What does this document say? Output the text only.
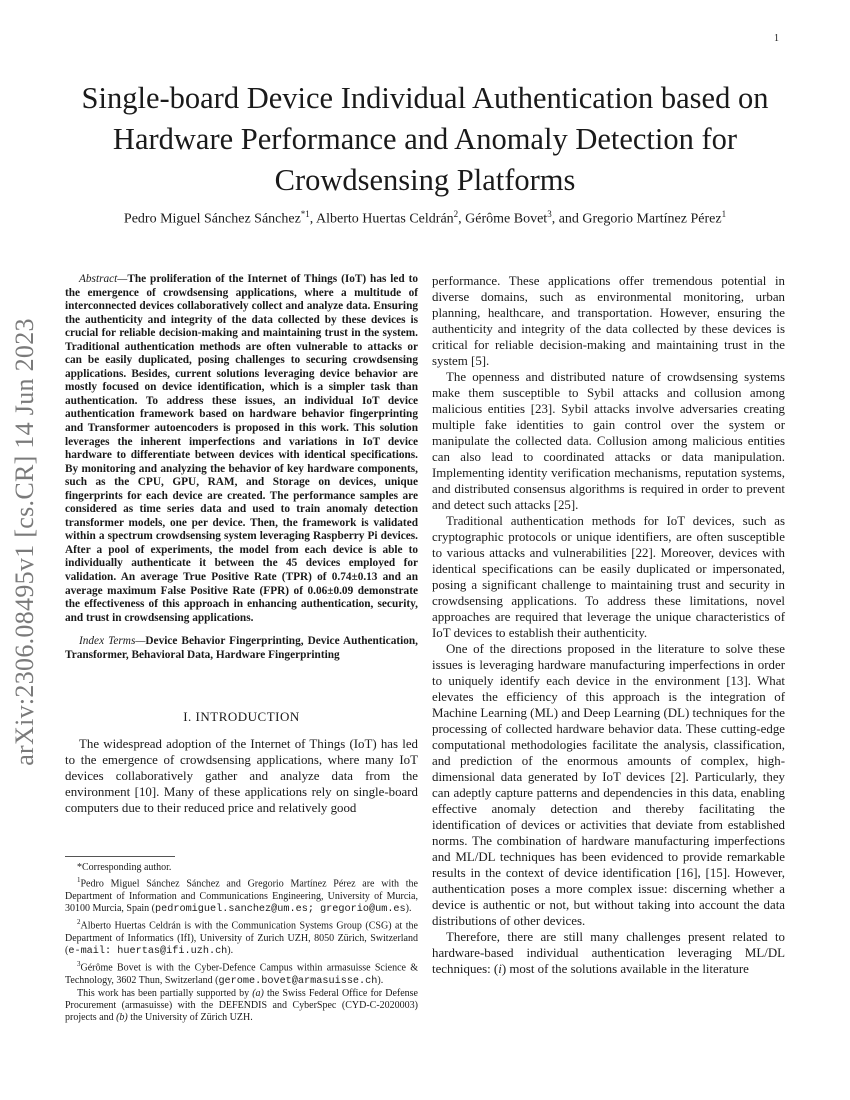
1
arXiv:2306.08495v1 [cs.CR] 14 Jun 2023
Single-board Device Individual Authentication based on Hardware Performance and Anomaly Detection for Crowdsensing Platforms

Pedro Miguel Sánchez Sánchez$^{*1}$, Alberto Huertas Celdrán$^2$, Gérôme Bovet$^3$, and Gregorio Martínez Pérez$^1$

Abstract—The proliferation of the Internet of Things (IoT) has led to the emergence of crowdsensing applications, where a multitude of interconnected devices collaboratively collect and analyze data. Ensuring the authenticity and integrity of the data collected by these devices is crucial for reliable decision-making and maintaining trust in the system. Traditional authentication methods are often vulnerable to attacks or can be easily duplicated, posing challenges to securing crowdsensing applications. Besides, current solutions leveraging device behavior are mostly focused on device identification, which is a simpler task than authentication. To address these issues, an individual IoT device authentication framework based on hardware behavior fingerprinting and Transformer autoencoders is proposed in this work. This solution leverages the inherent imperfections and variations in IoT device hardware to differentiate between devices with identical specifications. By monitoring and analyzing the behavior of key hardware components, such as the CPU, GPU, RAM, and Storage on devices, unique fingerprints for each device are created. The performance samples are considered as time series data and used to train anomaly detection transformer models, one per device. Then, the framework is validated within a spectrum crowdsensing system leveraging Raspberry Pi devices. After a pool of experiments, the model from each device is able to individually authenticate it between the 45 devices employed for validation. An average True Positive Rate (TPR) of 0.74±0.13 and an average maximum False Positive Rate (FPR) of 0.06±0.09 demonstrate the effectiveness of this approach in enhancing authentication, security, and trust in crowdsensing applications.

Index Terms—Device Behavior Fingerprinting, Device Authentication, Transformer, Behavioral Data, Hardware Fingerprinting

I. INTRODUCTION

The widespread adoption of the Internet of Things (IoT) has led to the emergence of crowdsensing applications, where many IoT devices collaboratively gather and analyze data from the environment [10]. Many of these applications rely on single-board computers due to their reduced price and relatively good

*Corresponding author.

$^1$Pedro Miguel Sánchez Sánchez and Gregorio Martínez Pérez are with the Department of Information and Communications Engineering, University of Murcia, 30100 Murcia, Spain (pedromiguel.sanchez@um.es; gregorio@um.es).

$^2$Alberto Huertas Celdrán is with the Communication Systems Group (CSG) at the Department of Informatics (IfI), University of Zurich UZH, 8050 Zürich, Switzerland (e-mail: huertas@ifi.uzh.ch).

$^3$Gérôme Bovet is with the Cyber-Defence Campus within armasuisse Science & Technology, 3602 Thun, Switzerland (gerome.bovet@armasuisse.ch).

This work has been partially supported by (a) the Swiss Federal Office for Defense Procurement (armasuisse) with the DEFENDIS and CyberSpec (CYD-C-2020003) projects and (b) the University of Zürich UZH.

performance. These applications offer tremendous potential in diverse domains, such as environmental monitoring, urban planning, healthcare, and transportation. However, ensuring the authenticity and integrity of the data collected by these devices is critical for reliable decision-making and maintaining trust in the system [5].

The openness and distributed nature of crowdsensing systems make them susceptible to Sybil attacks and collusion among malicious entities [23]. Sybil attacks involve adversaries creating multiple fake identities to gain control over the system or manipulate the collected data. Collusion among malicious entities can also lead to coordinated attacks or data manipulation. Implementing identity verification mechanisms, reputation systems, and distributed consensus algorithms is required in order to prevent and detect such attacks [25].

Traditional authentication methods for IoT devices, such as cryptographic protocols or unique identifiers, are often susceptible to various attacks and vulnerabilities [22]. Moreover, devices with identical specifications can be easily duplicated or impersonated, posing a significant challenge to maintaining trust and security in crowdsensing applications. To address these limitations, novel approaches are required that leverage the unique characteristics of IoT devices to establish their authenticity.

One of the directions proposed in the literature to solve these issues is leveraging hardware manufacturing imperfections in order to uniquely identify each device in the environment [13]. What elevates the efficiency of this approach is the integration of Machine Learning (ML) and Deep Learning (DL) techniques for the processing of collected hardware behavior data. These cutting-edge computational methodologies facilitate the analysis, classification, and prediction of the enormous amounts of complex, high-dimensional data generated by IoT devices [2]. Particularly, they can adeptly capture patterns and dependencies in this data, enabling effective anomaly detection and thereby facilitating the identification of devices or activities that deviate from established norms. The combination of hardware manufacturing imperfections and ML/DL techniques has been evidenced to provide remarkable results in the context of device identification [16], [15]. However, authentication poses a more complex issue: discerning whether a device is authentic or not, but without taking into account the data distributions of other devices.

Therefore, there are still many challenges present related to hardware-based individual authentication leveraging ML/DL techniques: (i) most of the solutions available in the literature
